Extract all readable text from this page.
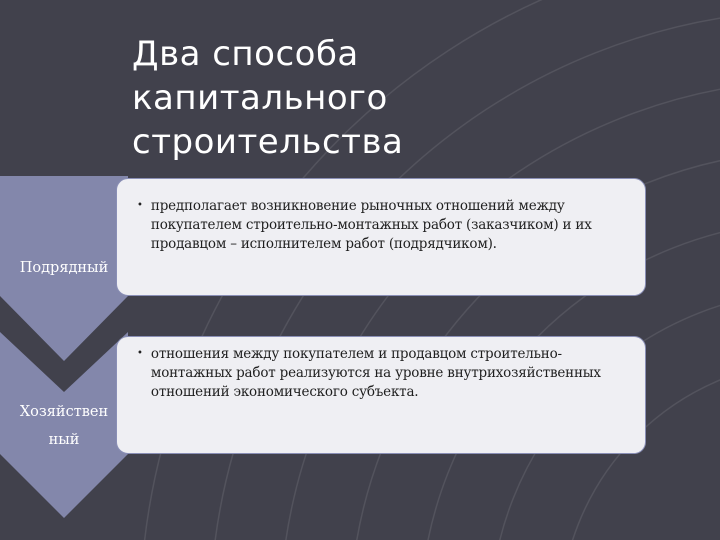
Два способа
капитального
строительства
Подрядный
• предполагает возникновение рыночных отношений между покупателем строительно-монтажных работ (заказчиком) и их продавцом – исполнителем работ (подрядчиком).
Хозяйствен
ный
• отношения между покупателем и продавцом строительно-монтажных работ реализуются на уровне внутрихозяйственных отношений экономического субъекта.
